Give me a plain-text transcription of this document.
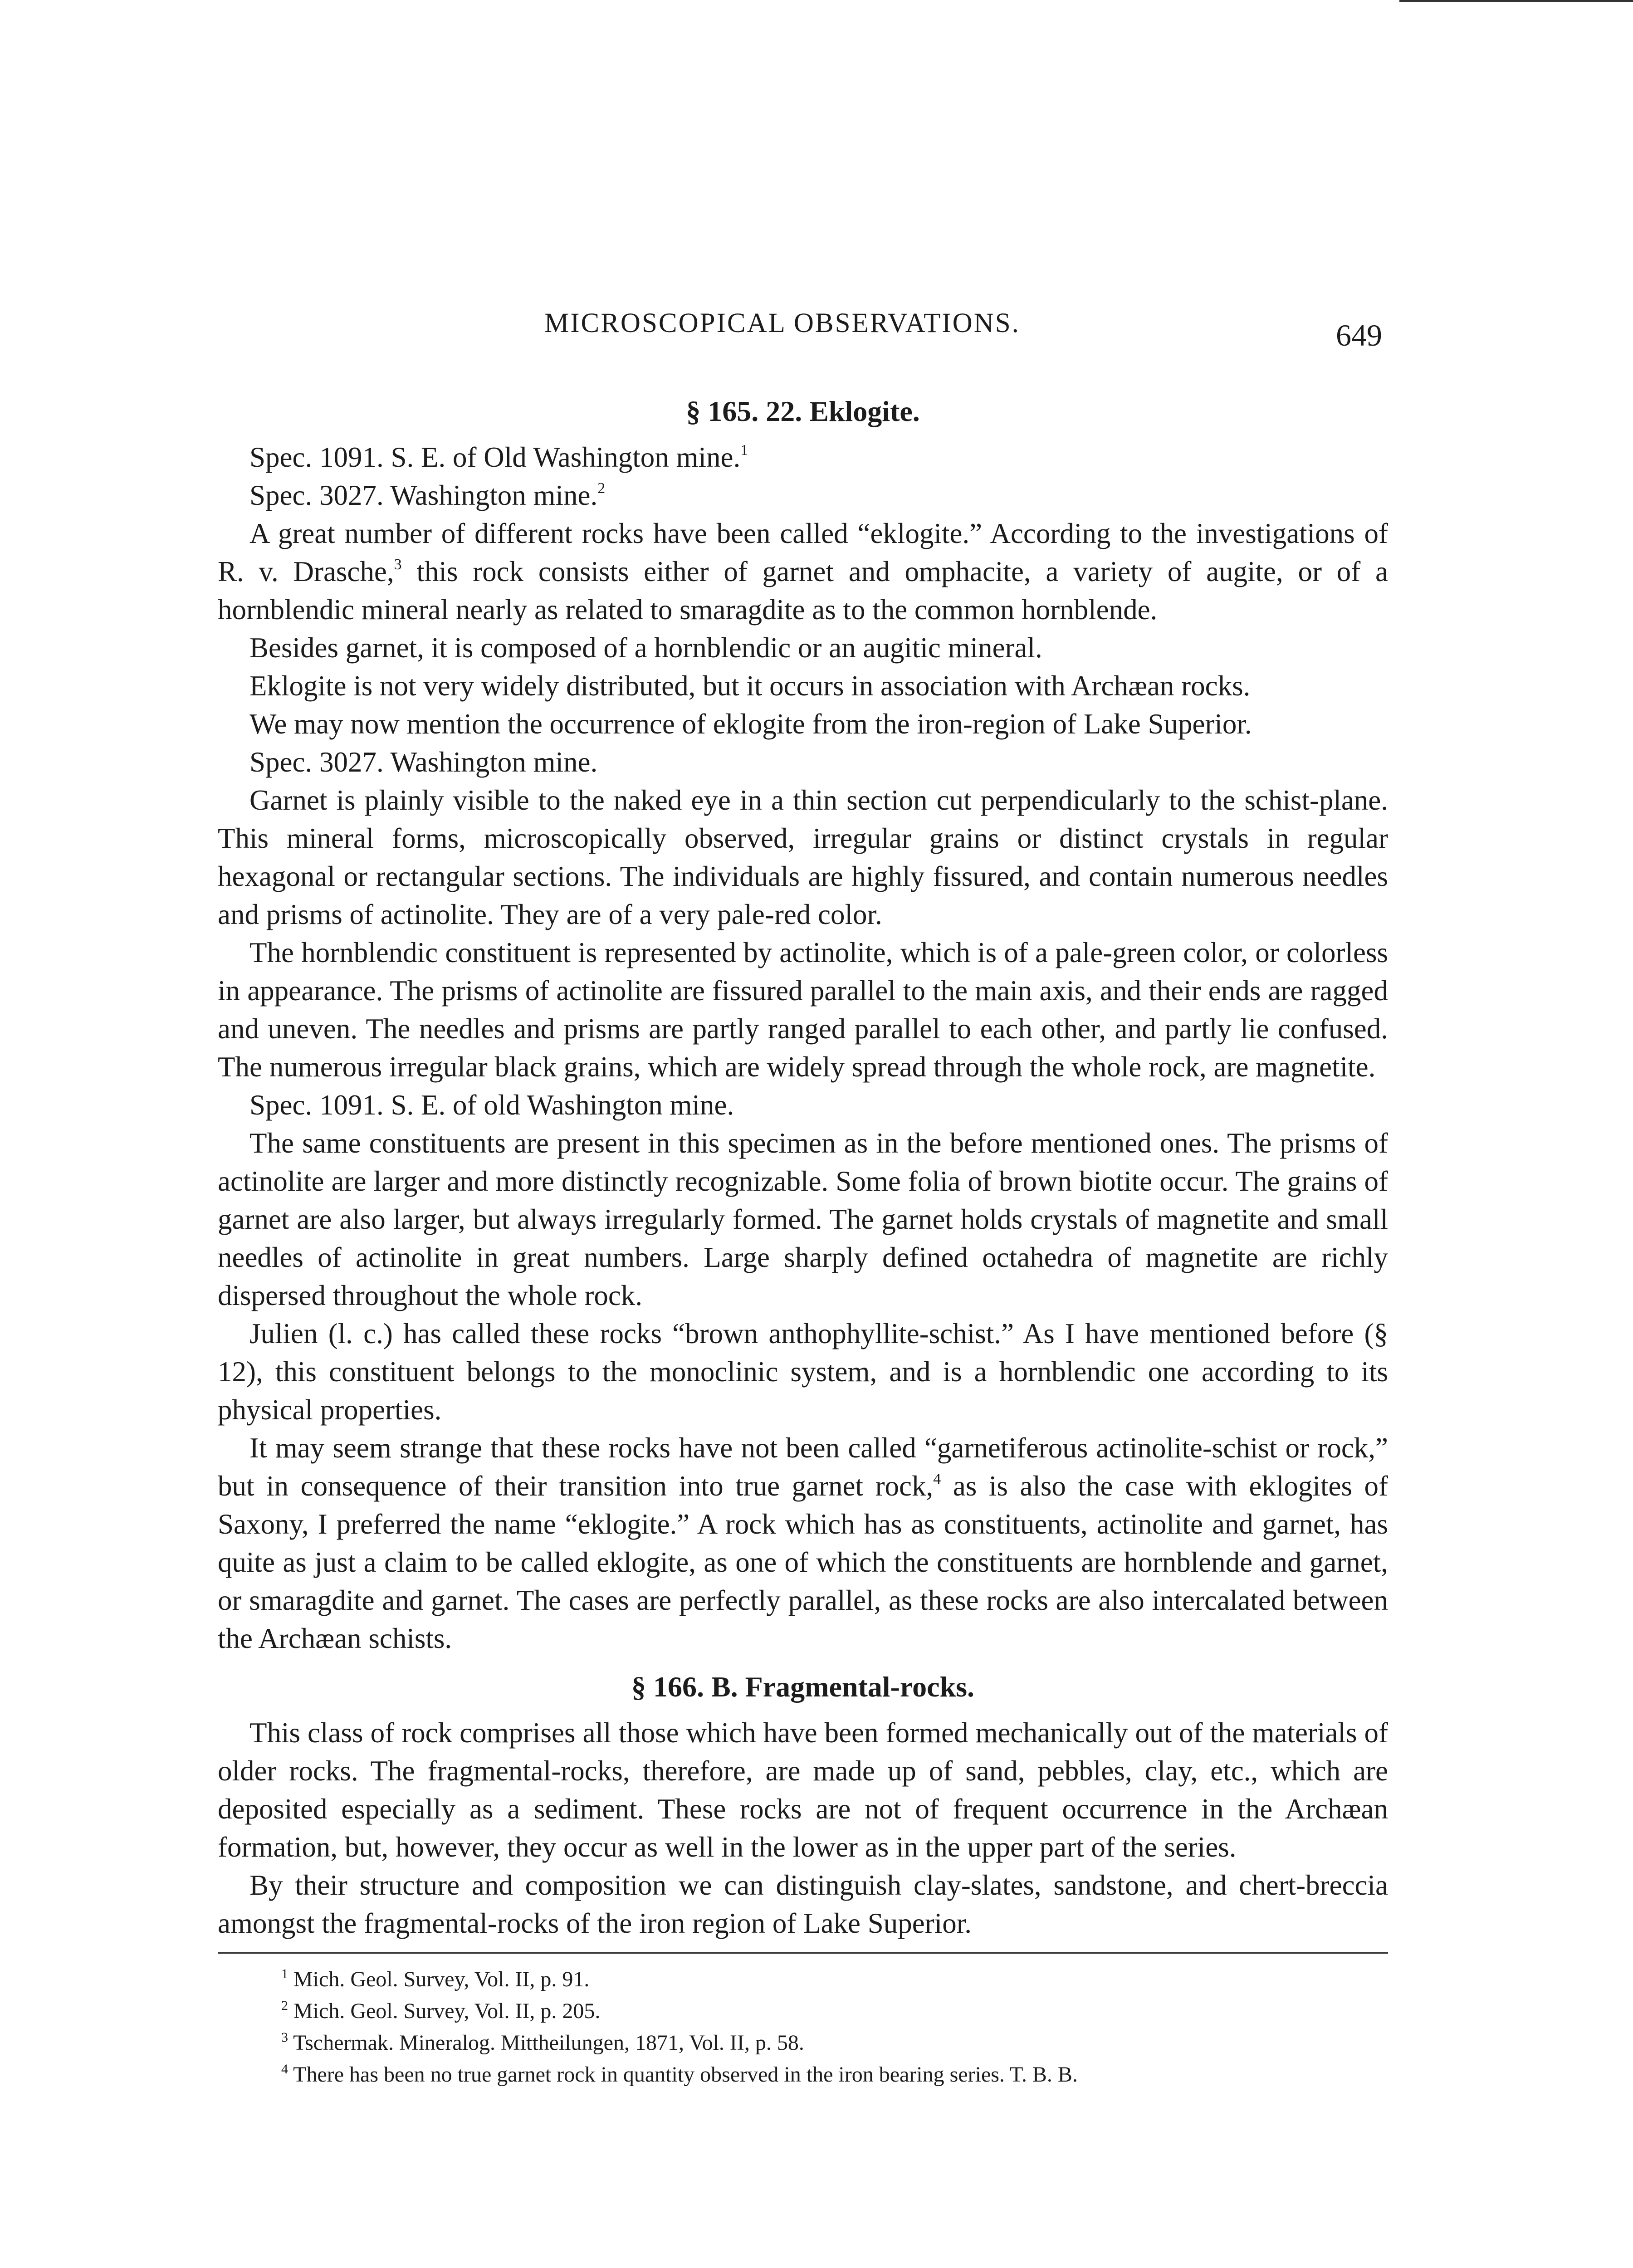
MICROSCOPICAL OBSERVATIONS.	649
§ 165. 22. Eklogite.

Spec. 1091. S. E. of Old Washington mine.$^1$

Spec. 3027. Washington mine.$^2$

A great number of different rocks have been called “eklogite.” According to the investigations of R. v. Drasche,$^3$ this rock consists either of garnet and omphacite, a variety of augite, or of a hornblendic mineral nearly as related to smaragdite as to the common hornblende.

Besides garnet, it is composed of a hornblendic or an augitic mineral.

Eklogite is not very widely distributed, but it occurs in association with Archæan rocks.

We may now mention the occurrence of eklogite from the iron-region of Lake Superior.

Spec. 3027. Washington mine.

Garnet is plainly visible to the naked eye in a thin section cut perpendicularly to the schist-plane. This mineral forms, microscopically observed, irregular grains or distinct crystals in regular hexagonal or rectangular sections. The individuals are highly fissured, and contain numerous needles and prisms of actinolite. They are of a very pale-red color.

The hornblendic constituent is represented by actinolite, which is of a pale-green color, or colorless in appearance. The prisms of actinolite are fissured parallel to the main axis, and their ends are ragged and uneven. The needles and prisms are partly ranged parallel to each other, and partly lie confused. The numerous irregular black grains, which are widely spread through the whole rock, are magnetite.

Spec. 1091. S. E. of old Washington mine.

The same constituents are present in this specimen as in the before mentioned ones. The prisms of actinolite are larger and more distinctly recognizable. Some folia of brown biotite occur. The grains of garnet are also larger, but always irregularly formed. The garnet holds crystals of magnetite and small needles of actinolite in great numbers. Large sharply defined octahedra of magnetite are richly dispersed throughout the whole rock.

Julien (l. c.) has called these rocks “brown anthophyllite-schist.” As I have mentioned before (§ 12), this constituent belongs to the monoclinic system, and is a hornblendic one according to its physical properties.

It may seem strange that these rocks have not been called “garnetiferous actinolite-schist or rock,” but in consequence of their transition into true garnet rock,$^4$ as is also the case with eklogites of Saxony, I preferred the name “eklogite.” A rock which has as constituents, actinolite and garnet, has quite as just a claim to be called eklogite, as one of which the constituents are hornblende and garnet, or smaragdite and garnet. The cases are perfectly parallel, as these rocks are also intercalated between the Archæan schists.

§ 166. B. Fragmental-rocks.

This class of rock comprises all those which have been formed mechanically out of the materials of older rocks. The fragmental-rocks, therefore, are made up of sand, pebbles, clay, etc., which are deposited especially as a sediment. These rocks are not of frequent occurrence in the Archæan formation, but, however, they occur as well in the lower as in the upper part of the series.

By their structure and composition we can distinguish clay-slates, sandstone, and chert-breccia amongst the fragmental-rocks of the iron region of Lake Superior.

$^1$ Mich. Geol. Survey, Vol. II, p. 91.
$^2$ Mich. Geol. Survey, Vol. II, p. 205.
$^3$ Tschermak. Mineralog. Mittheilungen, 1871, Vol. II, p. 58.
$^4$ There has been no true garnet rock in quantity observed in the iron bearing series. T. B. B.
